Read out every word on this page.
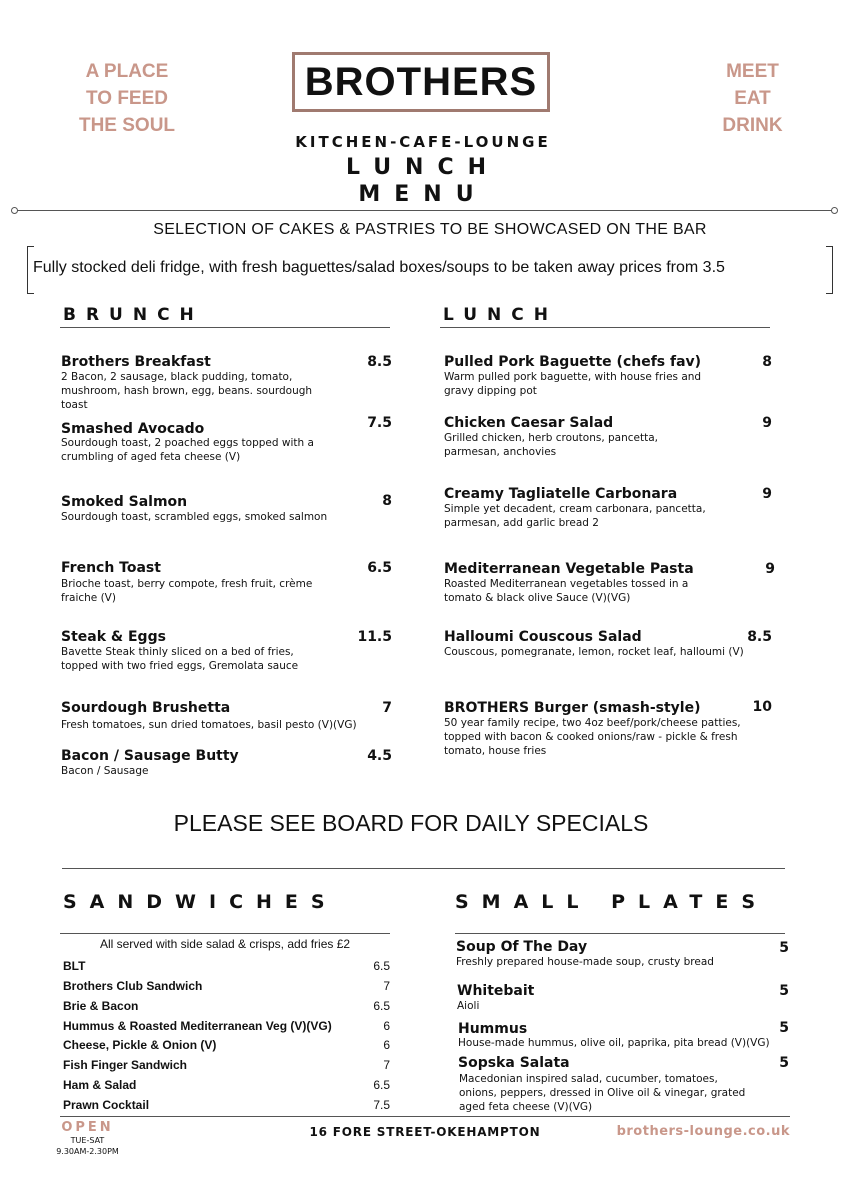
A PLACE
TO FEED
THE SOUL
MEET
EAT
DRINK
BROTHERS
KITCHEN-CAFE-LOUNGE
LUNCH
MENU
SELECTION OF CAKES & PASTRIES TO BE SHOWCASED ON THE BAR
Fully stocked deli fridge, with fresh baguettes/salad boxes/soups to be taken away prices from 3.5
BRUNCH
Brothers Breakfast	8.5
2 Bacon, 2 sausage, black pudding, tomato,
mushroom, hash brown, egg, beans. sourdough
toast
Smashed Avocado	7.5
Sourdough toast, 2 poached eggs topped with a
crumbling of aged feta cheese (V)
Smoked Salmon	8
Sourdough toast, scrambled eggs, smoked salmon
French Toast	6.5
Brioche toast, berry compote, fresh fruit, crème
fraiche (V)
Steak & Eggs	11.5
Bavette Steak thinly sliced on a bed of fries,
topped with two fried eggs, Gremolata sauce
Sourdough Brushetta	7
Fresh tomatoes, sun dried tomatoes, basil pesto (V)(VG)
Bacon / Sausage Butty	4.5
Bacon / Sausage
LUNCH
Pulled Pork Baguette (chefs fav)	8
Warm pulled pork baguette, with house fries and
gravy dipping pot
Chicken Caesar Salad	9
Grilled chicken, herb croutons, pancetta,
parmesan, anchovies
Creamy Tagliatelle Carbonara	9
Simple yet decadent, cream carbonara, pancetta,
parmesan, add garlic bread 2
Mediterranean Vegetable Pasta	9
Roasted Mediterranean vegetables tossed in a
tomato & black olive Sauce (V)(VG)
Halloumi Couscous Salad	8.5
Couscous, pomegranate, lemon, rocket leaf, halloumi (V)
BROTHERS Burger (smash-style)	10
50 year family recipe, two 4oz beef/pork/cheese patties,
topped with bacon & cooked onions/raw - pickle & fresh
tomato, house fries
PLEASE SEE BOARD FOR DAILY SPECIALS
SANDWICHES
All served with side salad & crisps, add fries £2
BLT	6.5
Brothers Club Sandwich	7
Brie & Bacon	6.5
Hummus & Roasted Mediterranean Veg (V)(VG)	6
Cheese, Pickle & Onion (V)	6
Fish Finger Sandwich	7
Ham & Salad	6.5
Prawn Cocktail	7.5
SMALL PLATES
Soup Of The Day	5
Freshly prepared house-made soup, crusty bread
Whitebait	5
Aioli
Hummus	5
House-made hummus, olive oil, paprika, pita bread (V)(VG)
Sopska Salata	5
Macedonian inspired salad, cucumber, tomatoes,
onions, peppers, dressed in Olive oil & vinegar, grated
aged feta cheese (V)(VG)
OPEN
TUE-SAT
9.30AM-2.30PM
16 FORE STREET-OKEHAMPTON	brothers-lounge.co.uk
